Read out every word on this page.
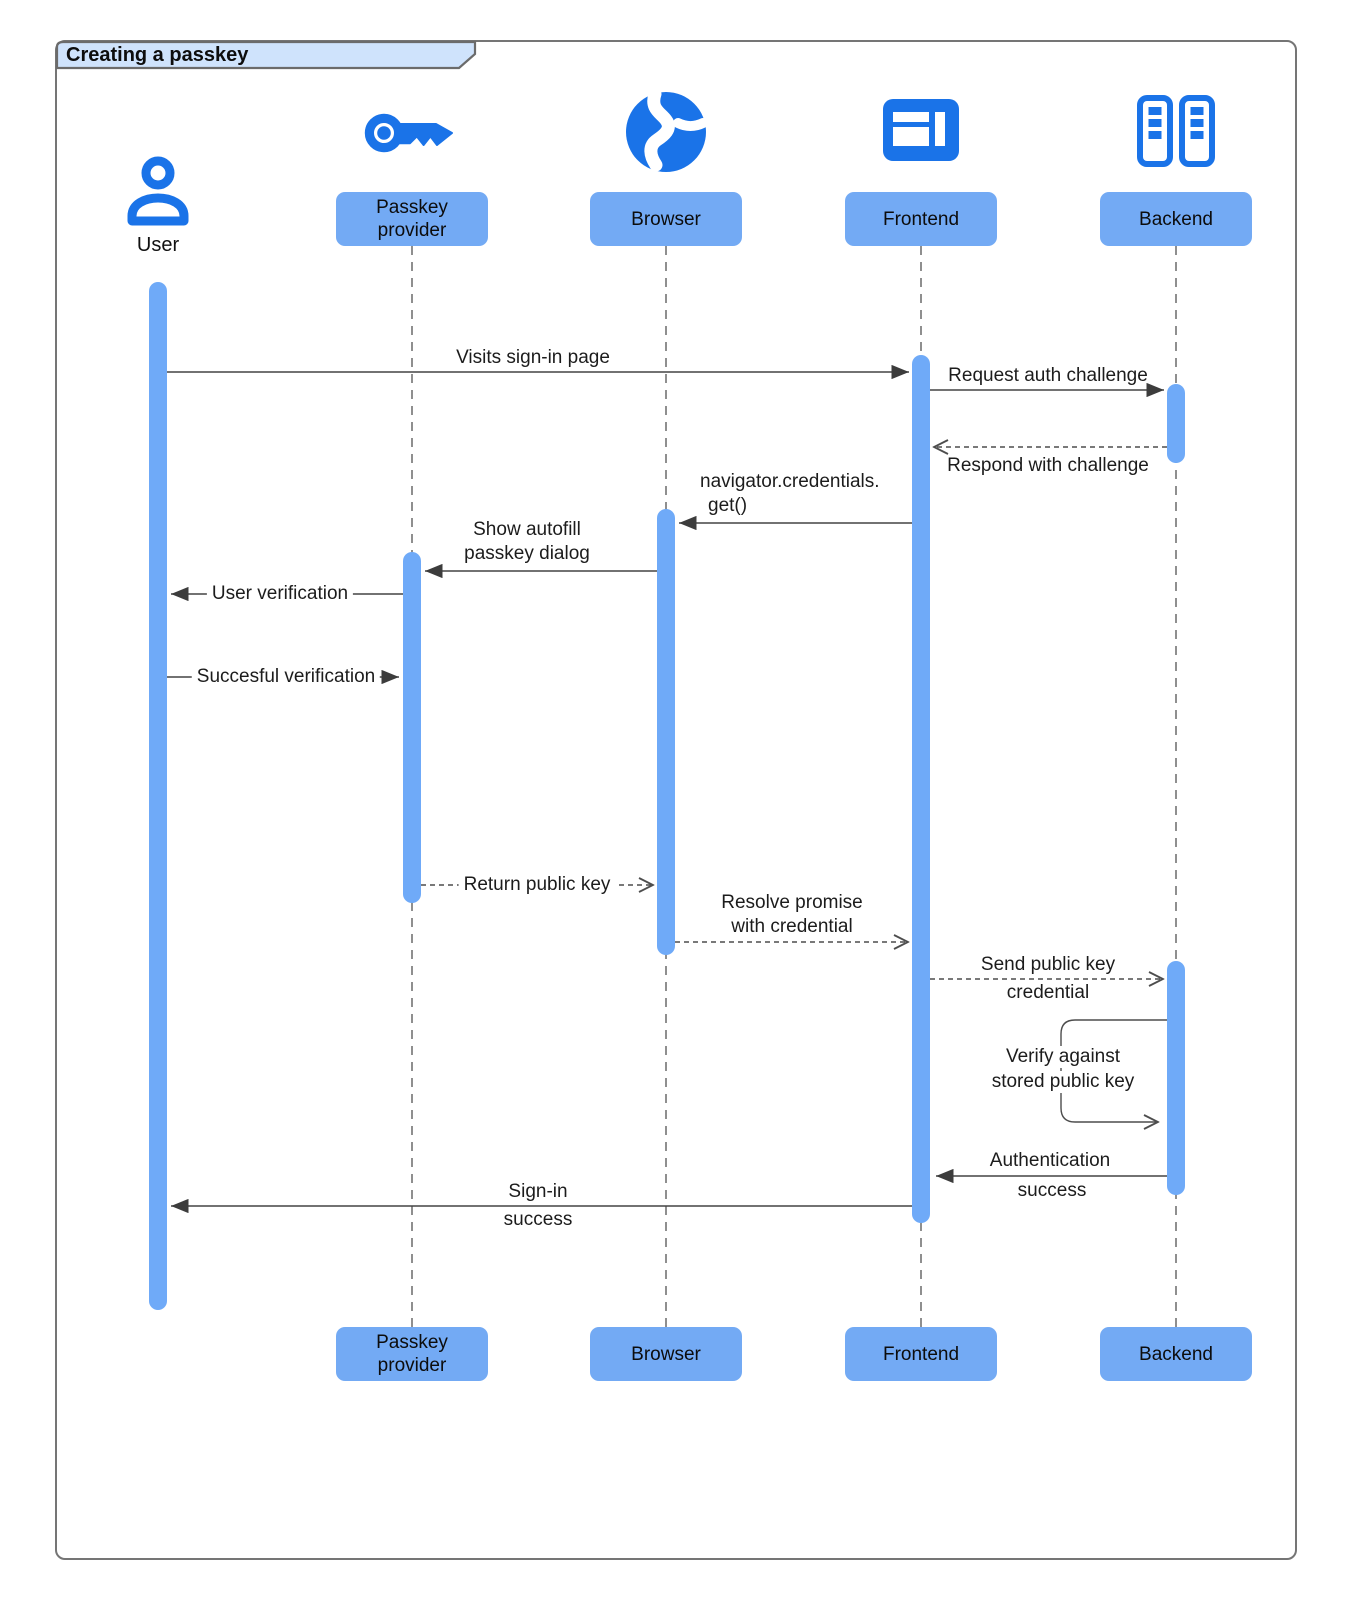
Creating a passkey
User
Passkey provider
Browser	Frontend	Backend
Visits sign-in page
Request auth challenge
Respond with challenge
navigator.credentials.
get()
Show autofill
passkey dialog
User verification
Succesful verification
Return public key
Resolve promise
with credential
Send public key
credential
Verify against
stored public key
Authentication
success
Sign-in
success
Passkey provider
Browser	Frontend	Backend
